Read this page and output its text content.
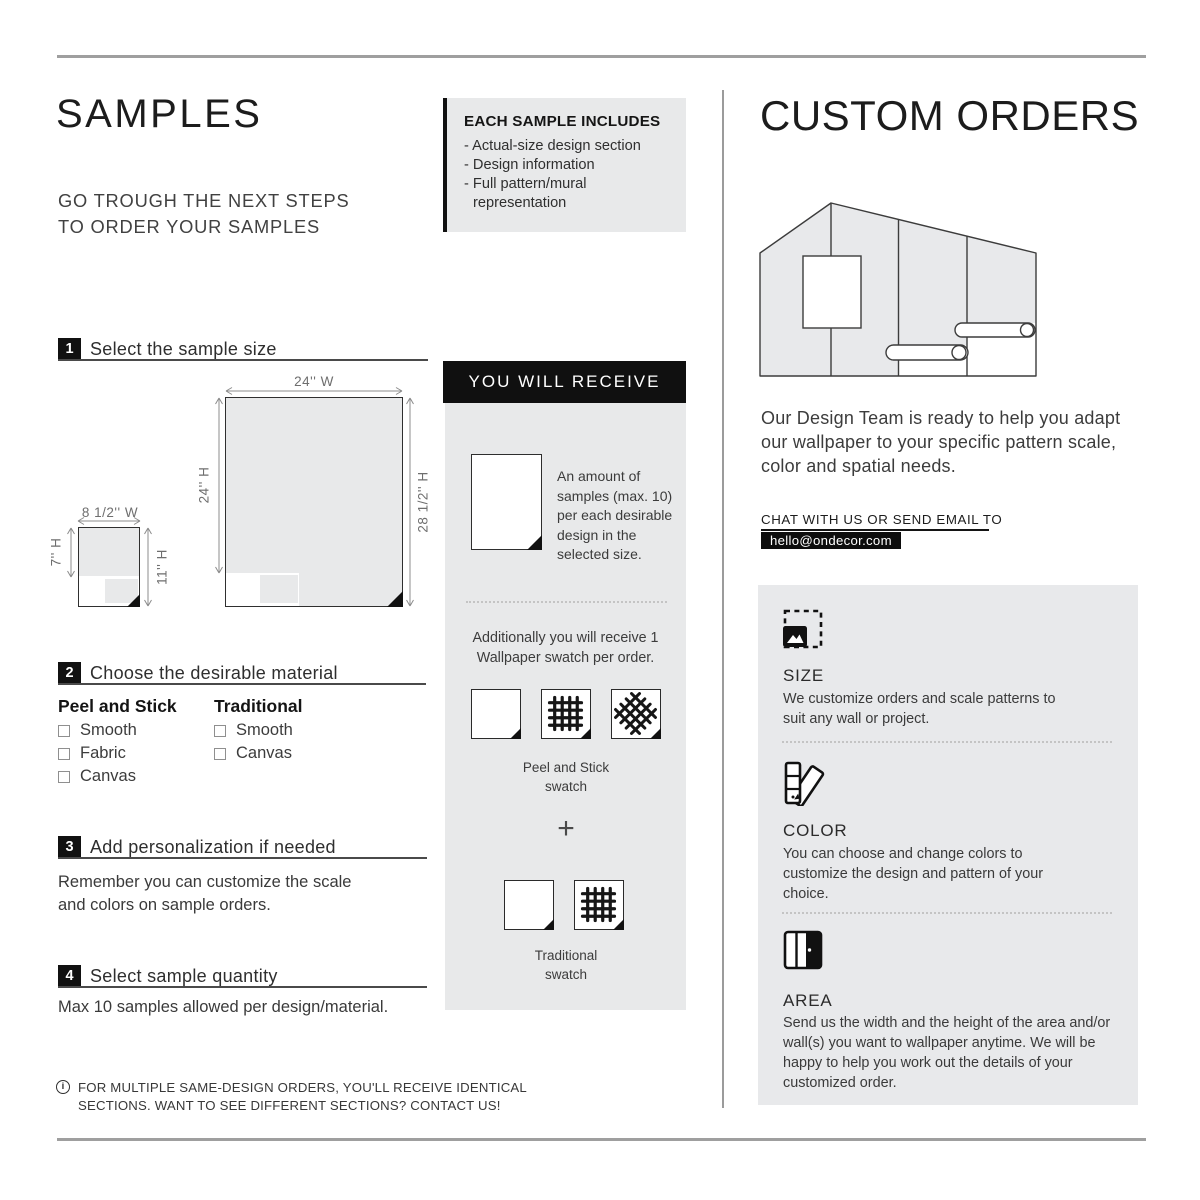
SAMPLES
GO TROUGH THE NEXT STEPS
TO ORDER YOUR SAMPLES
1 Select the sample size
24'' W
24'' H	28 1/2'' H
8 1/2'' W
7'' H	11'' H
2 Choose the desirable material
Peel and Stick
Smooth
Fabric
Canvas
Traditional
Smooth
Canvas
3 Add personalization if needed
Remember you can customize the scale and colors on sample orders.
4 Select sample quantity
Max 10 samples allowed per design/material.
i	FOR MULTIPLE SAME-DESIGN ORDERS, YOU'LL RECEIVE IDENTICAL
SECTIONS. WANT TO SEE DIFFERENT SECTIONS? CONTACT US!
EACH SAMPLE INCLUDES
- Actual-size design section
- Design information
- Full pattern/mural representation
YOU WILL RECEIVE
An amount of samples (max. 10) per each desirable design in the selected size.
Additionally you will receive 1 Wallpaper swatch per order.
Peel and Stick swatch
+
Traditional swatch
CUSTOM ORDERS
Our Design Team is ready to help you adapt our wallpaper to your specific pattern scale, color and spatial needs.
CHAT WITH US OR SEND EMAIL TO
hello@ondecor.com
SIZE
We customize orders and scale patterns to suit any wall or project.
COLOR
You can choose and change colors to customize the design and pattern of your choice.
AREA
Send us the width and the height of the area and/or wall(s) you want to wallpaper anytime. We will be happy to help you work out the details of your customized order.
